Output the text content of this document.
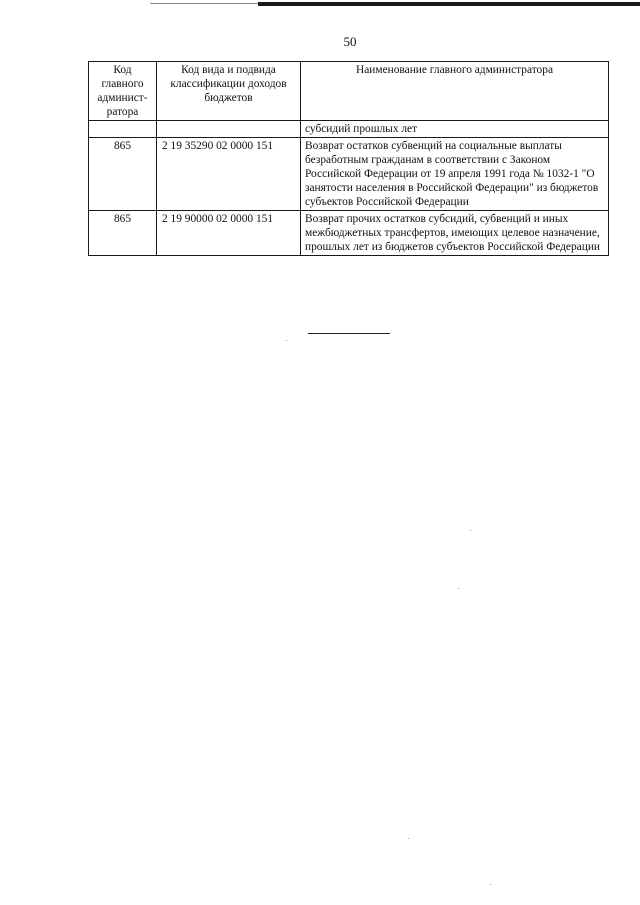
50
Код главного админист-ратора	Код вида и подвида классификации доходов бюджетов	Наименование главного администратора
		субсидий прошлых лет
865	2 19 35290 02 0000 151	Возврат остатков субвенций на социальные выплаты безработным гражданам в соответствии с Законом Российской Федерации от 19 апреля 1991 года № 1032-1 "О занятости населения в Российской Федерации" из бюджетов субъектов Российской Федерации
865	2 19 90000 02 0000 151	Возврат прочих остатков субсидий, субвенций и иных межбюджетных трансфертов, имеющих целевое назначение, прошлых лет из бюджетов субъектов Российской Федерации
